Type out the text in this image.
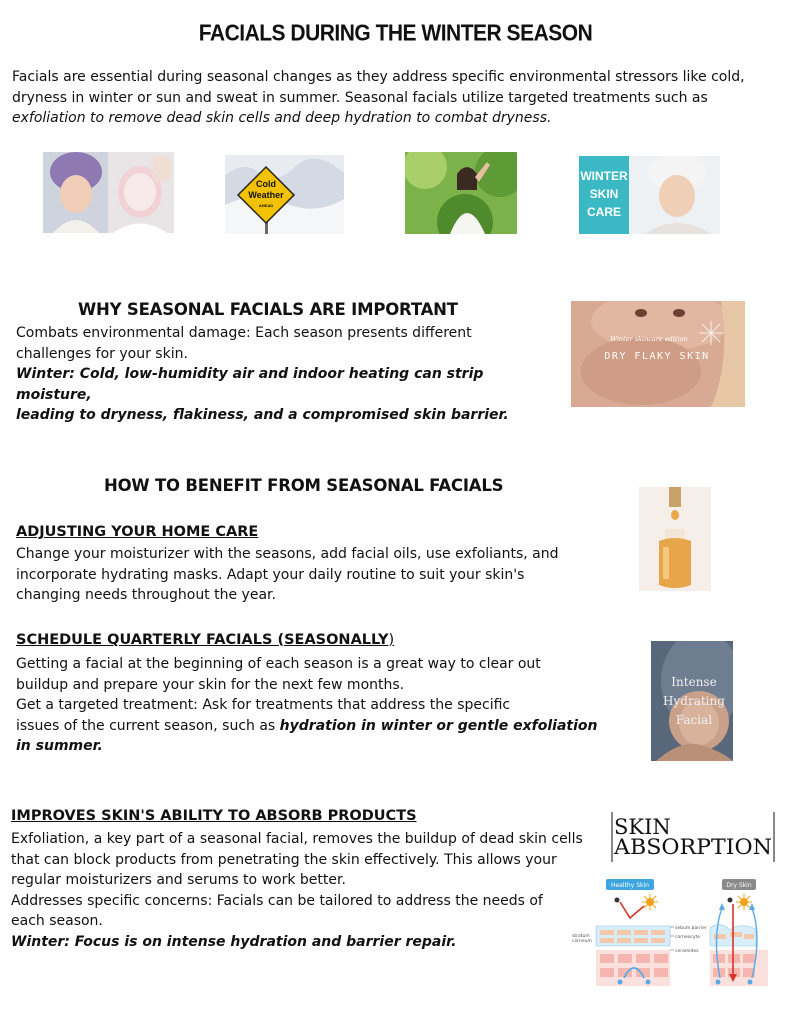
FACIALS DURING THE WINTER SEASON
Facials are essential during seasonal changes as they address specific environmental stressors like cold,
dryness in winter or sun and sweat in summer. Seasonal facials utilize targeted treatments such as
exfoliation to remove dead skin cells and deep hydration to combat dryness.
Cold
Weather
AHEAD
WINTER
SKIN
CARE
WHY SEASONAL FACIALS ARE IMPORTANT
Combats environmental damage: Each season presents different
challenges for your skin.
Winter: Cold, low-humidity air and indoor heating can strip moisture,
leading to dryness, flakiness, and a compromised skin barrier.
Winter skincare edition
DRY FLAKY SKIN
HOW TO BENEFIT FROM SEASONAL FACIALS
ADJUSTING YOUR HOME CARE
Change your moisturizer with the seasons, add facial oils, use exfoliants, and
incorporate hydrating masks. Adapt your daily routine to suit your skin's
changing needs throughout the year.
SCHEDULE QUARTERLY FACIALS (SEASONALLY)
Getting a facial at the beginning of each season is a great way to clear out
buildup and prepare your skin for the next few months.
Get a targeted treatment: Ask for treatments that address the specific
issues of the current season, such as hydration in winter or gentle exfoliation
in summer.
Intense
Hydrating
Facial
IMPROVES SKIN'S ABILITY TO ABSORB PRODUCTS
Exfoliation, a key part of a seasonal facial, removes the buildup of dead skin cells
that can block products from penetrating the skin effectively. This allows your
regular moisturizers and serums to work better.
Addresses specific concerns: Facials can be tailored to address the needs of
each season.
Winter: Focus is on intense hydration and barrier repair.
SKIN
ABSORPTION
Healthy Skin	Dry Skin
stratum
corneum
sebum barrier
corneocyte
ceramides
